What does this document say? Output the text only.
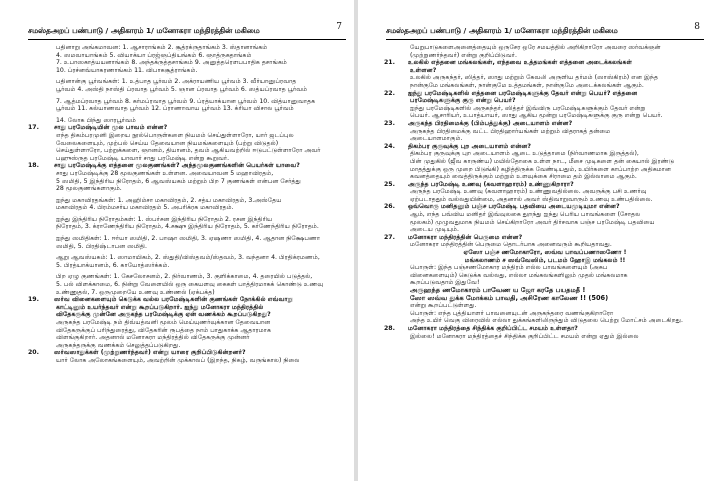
சமஸ்தஅறப் பண்பாடு / அதிகாரம் 1/ மனோகரா மந்திரத்தின் மகிமை	7
பதினாறு அங்கமாவன: 1. ஆசாராங்கம் 2. சூத்ரக்ருதாங்கம் 3. ஸ்தானாங்கம்
4. ஸமவாயாங்கம் 5. வியாக்யா ப்ரஜ்ஞப்தியங்கம் 6. ஞாத்ருகதாங்கம்
7. உபாஸகாத்யயனாங்கம் 8. அந்தக்ருத்தசாங்கம் 9. அனுத்தரௌபபாதிக தசாங்கம்
10. ப்ரச்னவ்யாகரணாங்கம் 11. விபாகசூத்ராங்கம்.
பதினான்கு பூர்வங்கள்: 1. உத்பாத பூர்வம் 2. அக்ராயணிய பூர்வம் 3. வீர்யானுப்ரவாத
பூர்வம் 4. அஸ்தி நாஸ்தி ப்ரவாத பூர்வம் 5. ஞான ப்ரவாத பூர்வம் 6. ஸத்யப்ரவாத பூர்வம்
7. ஆத்மப்ரவாத பூர்வம் 8. கர்மப்ரவாத பூர்வம் 9. ப்ரத்யாக்யான பூர்வம் 10. வித்யானுவாதக
பூர்வம் 11. கல்யாணவாத பூர்வம் 12. ப்ராணாவாய பூர்வம் 13. க்ரியா விசால பூர்வம்
14. லோக பிந்து ஸாரபூர்வம்
17.	சாது பரமேஷ்டியின் மூல பாவம் என்ன?
எந்த திகம்பரமுனி இறைய நூல்பொருள்களை நியமம் செய்துள்ளாரோ, யார் ஜடப்புல
வேலைகளையும், முற்பல் செய்ய தேவையான நியமங்களையும் (பற்று விடுதல்)
செய்துள்ளாரோ, பற்றுக்களை, ஞானம், தியானம், தவம் ஆகியவற்றில் ஈடுபட்டுள்ளாரோ அவர்
பஹுஸ்ருத பரமேஷ்டி யாவார் சாது பரமேஷ்டி என்று கூறுவர்.
18.	சாது பரமேஷ்டிக்கு எத்தனை மூலகுணங்கள்? அந்தமூலகுணங்களின் பெயர்கள் யாவை?
சாது பரமேஷ்டிக்கு 28 மூலகுணங்கள் உள்ளன. அவையாவன 5 மஹாவிரதம்,
5 ஸமிதி, 5 இந்திரிய நிரோதம், 6 ஆவஸ்யகம் மற்றும் பிற 7 குணங்கள் என்பன சேர்த்து
28 மூலகுணங்களாகும்.
ஐந்து மகாவிரதங்கள்: 1. அஹிம்சா மகாவிரதம், 2. சத்ய மகாவிரதம், 3.அஸ்தேய
மகாவிரதம் 4. பிரம்மசர்ய மகாவிரதம் 5. அபரிக்ரக மகாவிரதம்.
ஐந்து இந்திரிய நிரோதம்கள்: 1. ஸ்பர்சன இந்திரிய நிரோதம் 2. ரசன இந்திரிய
நிரோதம், 3. க்ராணேந்திரிய நிரோதம், 4.சக்ஷு இந்திரிய நிரோதம், 5. கர்ணேந்திரிய நிரோதம்.
ஐந்து ஸமிதிகள்: 1. ஈர்யா ஸமிதி, 2. பாஷா ஸமிதி, 3. ஏஷணா ஸமிதி, 4. ஆதான நிக்ஷேபணா
ஸமிதி, 5. பிரதிஷ்டாபன ஸமிதி.
ஆறு ஆவஸ்யகம்: 1. ஸாமாயிகம், 2. ஸ்துதி/விஸ்தவம்/ஸ்தவம், 3. வந்தனா 4. பிரதிக்ரமணம்,
5. பிரத்யாக்யானம், 6. காயோத்ஸர்க்கம்.
பிற ஏழு குணங்கள்: 1. கேசலோசனம், 2. நிர்வாணம், 3. குளிக்காமை, 4. தரையில் படுத்தல்,
5. பல் விளக்காமை, 6. நின்று வேளையில் ஒரு கையளவு கைகள் பாத்திரமாகக் கொண்டு உணவு
உண்ணுதல், 7. ஒருமுறையே உணவு உண்ணல் (ஏக்பக்த)
19.	ஸர்வ வினைகளையும் கெடுக்க வல்ல பரமேஷ்டிகளின் குணங்கள் நோக்கில் எவ்வாறு
காட்டினும் உயர்ந்தவர் என்று கூறப்படுகிறார். ஐந்து மனோகரா மந்திரத்தில்
விதேகருக்கு முன்னே அருகந்த பரமேஷ்டிக்கு ஏன் வணக்கம் கூறப்படுகிறது?
அருகந்த பரமேஷ்டி நம் திவ்யத்வனி மூலம் மெய்யுணர்வுக்கான தேவையான
விதேகருக்குப் பரிந்துரைத்து, விதேகரின் ரூபத்தை நாம் பாதுகாக்க ஆதாரமாக
விளங்குகிறார். அதனால் மனோகரா மந்திரத்தில் விதேகருக்கு முன்னர்
அருகந்தருக்கு வணக்கம் செலுத்தப்படுகிறது.
20.	ஸர்வஸாதுக்கள் (முற்றுணர்ந்தவர்) என்று யாரை குறிப்பிடுகின்றனர்?
யார் லோக அலோகங்களையும், அவற்றின் முக்காலப் (இறந்த, நிகழ், வருங்கால) நிலை
சமஸ்தஅறப் பண்பாடு / அதிகாரம் 1/ மனோகரா மந்திரத்தின் மகிமை	8
யேறுபாடுகளைஅனைத்தையும் ஒருசேர ஒரே சமயத்தில் அறிகிறாரோ அவரை ஸர்வக்ஞன்
(முற்றுணர்ந்தவர்) என்று குறிப்பிடுவர்.
21.	உலகில் எத்தனை மங்கலங்கள், எந்தவை உத்தமங்கள் எத்தனை அடைக்கலங்கள்
உள்ளன?
உலகில் அருகந்தர், ஸித்தர், ஸாது மற்றும் கேவலி அருளிய தர்மம் (ஸாஸ்கிரம்) என இந்த
நான்குமே மங்கலங்கள், நான்குமே உத்தமங்கள், நான்குமே அடைக்கலங்கள் ஆகும்.
22.	ஐந்து பரமேஷ்டிகளில் எத்தனை பரமேஷ்டிகளுக்கு தேவர் என்று பெயர்? எத்தனை
பரமேஷ்டிகளுக்கு குரு என்று பெயர்?
ஐந்து பரமேஷ்டிகளில் அருகந்தர், ஸித்தர் இவ்விரு பரமேஷ்டிகளுக்கும் தேவர் என்று
பெயர். ஆசாரியர், உபாத்யாயர், ஸாது ஆகிய மூன்று பரமேஷ்டிகளுக்கு குரு என்று பெயர்.
23.	அருகந்த பிரதிமைக்கு (பிம்பத்துக்கு) அடையாளம் என்ன?
அருகந்த பிரதிமைக்கு வட்ட பிரதிஹார்யங்கள் மற்றும் விதராகத் தன்மை
அடையாளமாகும்.
24.	திகம்பர குருவுக்கு புற அடையாளம் என்ன?
திகம்பர குருவுக்கு புற அடையாளம் ஆடை உடுத்தாமை (நிர்வாணமாக இருத்தல்),
பின் முதுகில் (ஜீவ காருண்ய) மயில்தோகை உள்ள நாட, மீசை முடிகளை தன் கையால் இரண்டு
மாதத்துக்கு ஒரு முறை பிடுங்கி) கழித்திருக்க வேண்டியதும், உயிர்களை காப்பாற்ற அதிகமான
கவனத்தையும் வைத்திருக்கும் மற்றும் உளவுக்கை சிராமை தம் இல்லாமை ஆகும்.
25.	அருந்த பரமேஷ்டி உணவு (கவளாஹாரம்) உண்ணுகிறாரா?
அருந்த பரமேஷ்டி உணவு (கவளாஹாரம்) உண்ணுவதில்லை. அவருக்கு பசி உணர்வு
ஏற்படாததும் வல்லதுயின்மை, அதனால் அவர் ஸ்திவாறுவாரும் உணவு உண்பதில்லை.
26.	ஒவ்வொரு மனிதனும் பஞ்ச பரமேஷ்டி பதவியை அடையமுடியுமா என்ன?
ஆம், எந்த பவ்விய மனிதர் இவ்வுலகை துறந்து ஐந்து பெரிய பாவங்களை (சோதல
மூலகம்) முழுவதுமாக நியமம் செய்கிறாரோ அவர் திர்சவாக பஞ்ச பரமேஷ்டி பதவியை
அடைய முடியும்.
27.	மனோகரா மந்திரத்தின் பெருமை என்ன?
மனோகரா மந்திரத்தின் பெருமை தொடர்பாக அனைவரும் கூறியதாவது.
ஏஸோ பஞ்ச ணமோகாரோ, ஸவ்வ பாவப்பணாஸணோ !
மங்கலாணம் ச ஸவ்வேஸிம், படமம் ஹோஇ மங்கலம் !!
பொருள்: இந்த பஞ்சணமோகார மந்திரம் எல்ல பாவங்களையும் (அசுப
வினைகளையும்) கெடுக்க வல்லது, எல்லா மங்கலங்களிலும் முதல் மங்கலமாக
கூறப்படுவதாம் இதுவே!
அருஹந்த ணமோகாரம் பாவேண ய ஜோ கரதே பயதமதீ !
ஸோ ஸவ்வ துக்க மோக்கம் பாவதி, அசிரேண காலேண !! (506)
என்று கூறப்பட்டுள்ளது.
பொருள்: எந்த புத்தியாளர் பாவனையுடன் அருகந்தரை வணங்குகிறாரோ
அந்த உயிர் வெகு விரைவில் எல்லா துக்கங்களிலிருந்தும் விடுதலை பெற்று மோட்சம் அடைகிறது.
28.	மனோகரா மந்திரத்தை சிந்திக்க குறிப்பிட்ட சமயம் உள்ளதா?
இல்லை! மனோகரா மந்திரத்தைச் சிந்திக்க குறிப்பிட்ட சமயம் என்று ஏதும் இல்லை
